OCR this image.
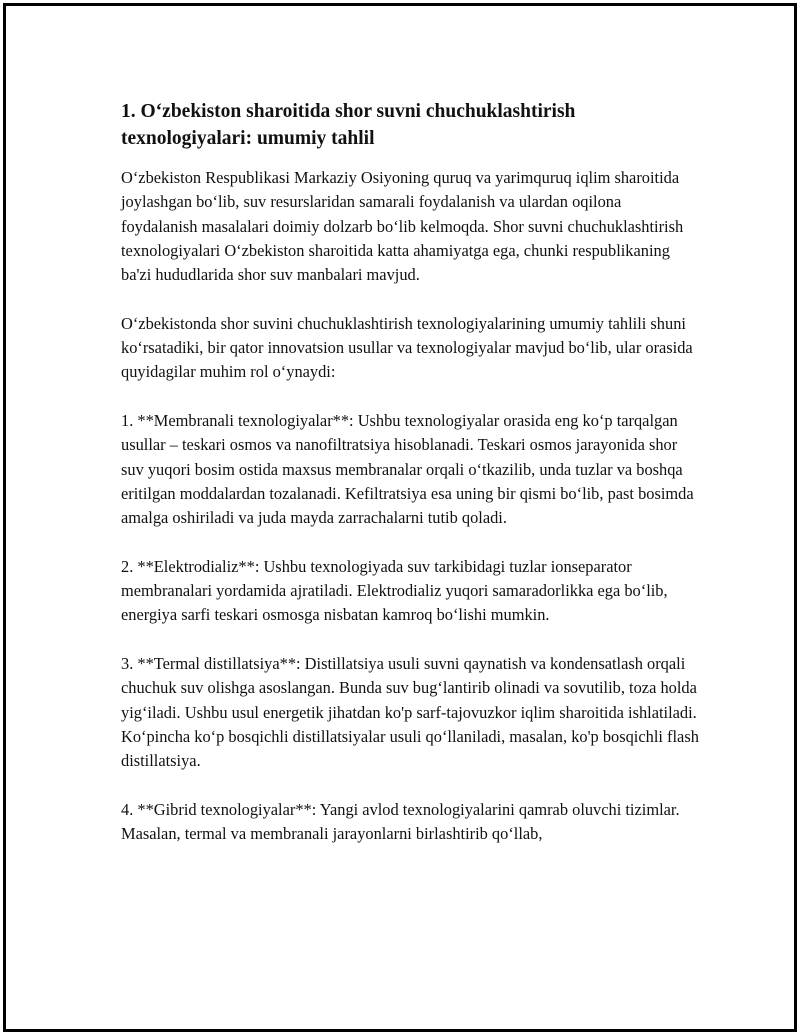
1. O‘zbekiston sharoitida shor suvni chuchuklashtirish texnologiyalari: umumiy tahlil

O‘zbekiston Respublikasi Markaziy Osiyoning quruq va yarimquruq iqlim sharoitida joylashgan bo‘lib, suv resurslaridan samarali foydalanish va ulardan oqilona foydalanish masalalari doimiy dolzarb bo‘lib kelmoqda. Shor suvni chuchuklashtirish texnologiyalari O‘zbekiston sharoitida katta ahamiyatga ega, chunki respublikaning ba'zi hududlarida shor suv manbalari mavjud.

O‘zbekistonda shor suvini chuchuklashtirish texnologiyalarining umumiy tahlili shuni ko‘rsatadiki, bir qator innovatsion usullar va texnologiyalar mavjud bo‘lib, ular orasida quyidagilar muhim rol o‘ynaydi:

1. **Membranali texnologiyalar**: Ushbu texnologiyalar orasida eng ko‘p tarqalgan usullar – teskari osmos va nanofiltratsiya hisoblanadi. Teskari osmos jarayonida shor suv yuqori bosim ostida maxsus membranalar orqali o‘tkazilib, unda tuzlar va boshqa eritilgan moddalardan tozalanadi. Kefiltratsiya esa uning bir qismi bo‘lib, past bosimda amalga oshiriladi va juda mayda zarrachalarni tutib qoladi.

2. **Elektrodializ**: Ushbu texnologiyada suv tarkibidagi tuzlar ionseparator membranalari yordamida ajratiladi. Elektrodializ yuqori samaradorlikka ega bo‘lib, energiya sarfi teskari osmosga nisbatan kamroq bo‘lishi mumkin.

3. **Termal distillatsiya**: Distillatsiya usuli suvni qaynatish va kondensatlash orqali chuchuk suv olishga asoslangan. Bunda suv bug‘lantirib olinadi va sovutilib, toza holda yig‘iladi. Ushbu usul energetik jihatdan ko'p sarf-tajovuzkor iqlim sharoitida ishlatiladi. Ko‘pincha ko‘p bosqichli distillatsiyalar usuli qo‘llaniladi, masalan, ko'p bosqichli flash distillatsiya.

4. **Gibrid texnologiyalar**: Yangi avlod texnologiyalarini qamrab oluvchi tizimlar. Masalan, termal va membranali jarayonlarni birlashtirib qo‘llab,
